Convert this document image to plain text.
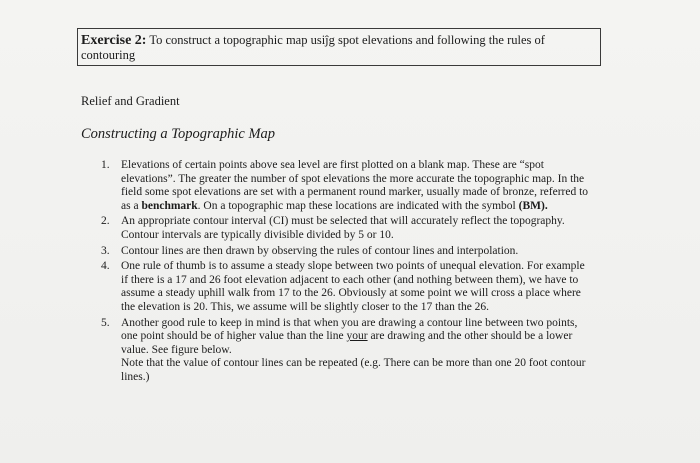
Exercise 2: To construct a topographic map usiĵg spot elevations and following the rules of contouring
Relief and Gradient
Constructing a Topographic Map
1. Elevations of certain points above sea level are first plotted on a blank map. These are “spot elevations”. The greater the number of spot elevations the more accurate the topographic map. In the field some spot elevations are set with a permanent round marker, usually made of bronze, referred to as a benchmark. On a topographic map these locations are indicated with the symbol (BM).
2. An appropriate contour interval (CI) must be selected that will accurately reflect the topography. Contour intervals are typically divisible divided by 5 or 10.
3. Contour lines are then drawn by observing the rules of contour lines and interpolation.
4. One rule of thumb is to assume a steady slope between two points of unequal elevation. For example if there is a 17 and 26 foot elevation adjacent to each other (and nothing between them), we have to assume a steady uphill walk from 17 to the 26. Obviously at some point we will cross a place where the elevation is 20. This, we assume will be slightly closer to the 17 than the 26.
5. Another good rule to keep in mind is that when you are drawing a contour line between two points, one point should be of higher value than the line your are drawing and the other should be a lower value. See figure below.
Note that the value of contour lines can be repeated (e.g. There can be more than one 20 foot contour lines.)
